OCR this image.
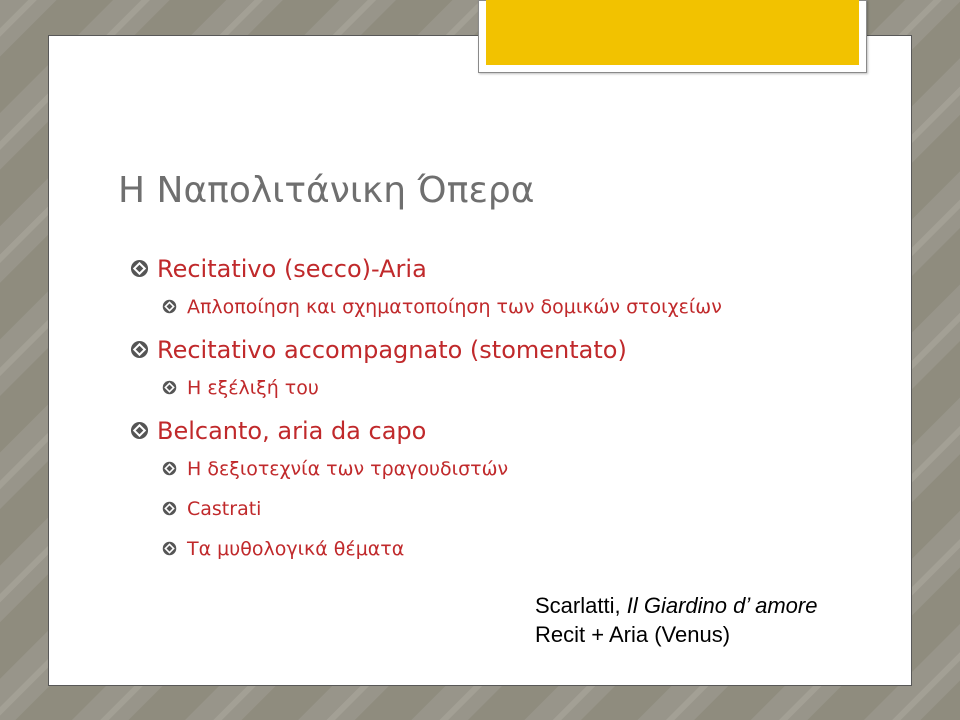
Η Ναπολιτάνικη Όπερα
Recitativo (secco)-Aria
Απλοποίηση και σχηματοποίηση των δομικών στοιχείων
Recitativo accompagnato (stomentato)
Η εξέλιξή του
Belcanto, aria da capo
Η δεξιοτεχνία των τραγουδιστών
Castrati
Τα μυθολογικά θέματα
Scarlatti, Il Giardino d’ amore
Recit + Aria (Venus)
